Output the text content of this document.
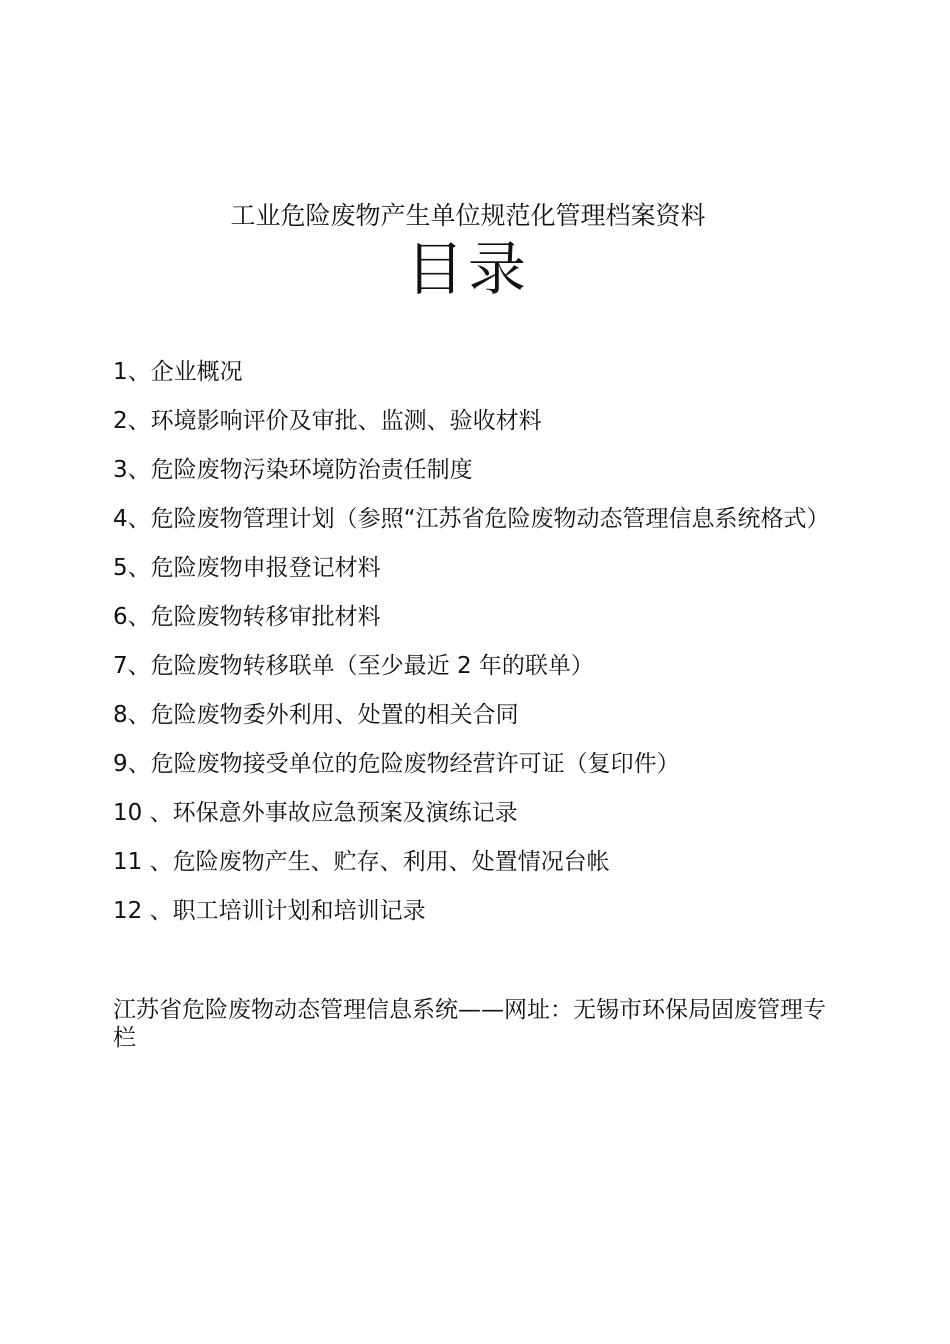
工业危险废物产生单位规范化管理档案资料
目录
1、企业概况
2、环境影响评价及审批、监测、验收材料
3、危险废物污染环境防治责任制度
4、危险废物管理计划（参照“江苏省危险废物动态管理信息系统格式）
5、危险废物申报登记材料
6、危险废物转移审批材料
7、危险废物转移联单（至少最近 2 年的联单）
8、危险废物委外利用、处置的相关合同
9、危险废物接受单位的危险废物经营许可证（复印件）
10 、环保意外事故应急预案及演练记录
11 、危险废物产生、贮存、利用、处置情况台帐
12 、职工培训计划和培训记录
江苏省危险废物动态管理信息系统——网址：无锡市环保局固废管理专栏
